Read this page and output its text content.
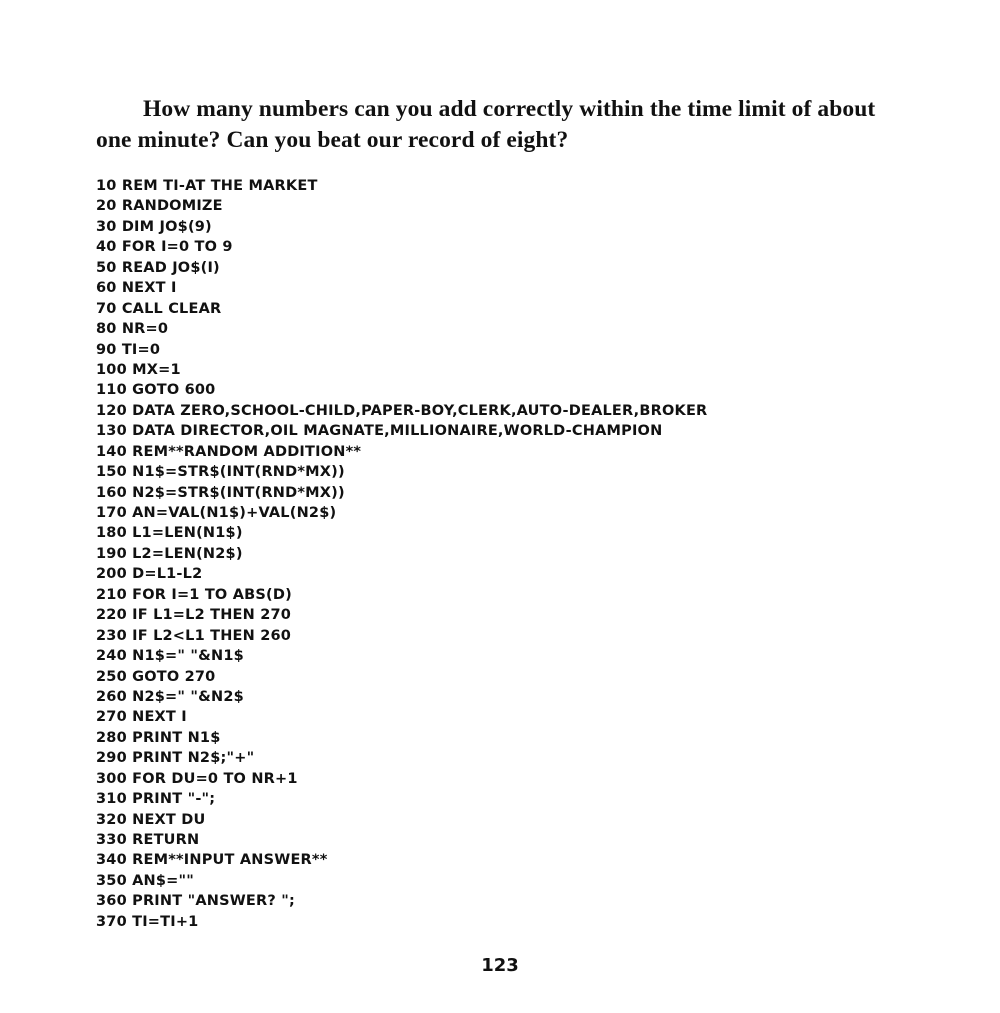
How many numbers can you add correctly within the time limit of about
one minute? Can you beat our record of eight?

10 REM TI-AT THE MARKET
20 RANDOMIZE
30 DIM JO$(9)
40 FOR I=0 TO 9
50 READ JO$(I)
60 NEXT I
70 CALL CLEAR
80 NR=0
90 TI=0
100 MX=1
110 GOTO 600
120 DATA ZERO,SCHOOL-CHILD,PAPER-BOY,CLERK,AUTO-DEALER,BROKER
130 DATA DIRECTOR,OIL MAGNATE,MILLIONAIRE,WORLD-CHAMPION
140 REM**RANDOM ADDITION**
150 N1$=STR$(INT(RND*MX))
160 N2$=STR$(INT(RND*MX))
170 AN=VAL(N1$)+VAL(N2$)
180 L1=LEN(N1$)
190 L2=LEN(N2$)
200 D=L1-L2
210 FOR I=1 TO ABS(D)
220 IF L1=L2 THEN 270
230 IF L2<L1 THEN 260
240 N1$=" "&N1$
250 GOTO 270
260 N2$=" "&N2$
270 NEXT I
280 PRINT N1$
290 PRINT N2$;"+"
300 FOR DU=0 TO NR+1
310 PRINT "-";
320 NEXT DU
330 RETURN
340 REM**INPUT ANSWER**
350 AN$=""
360 PRINT "ANSWER? ";
370 TI=TI+1

123
